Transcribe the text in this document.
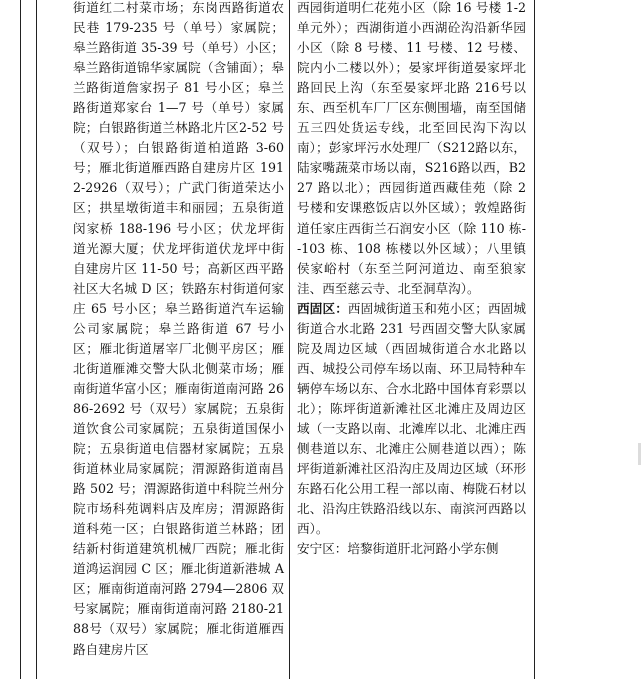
街道红二村菜市场；东岗西路街道农民巷 179-235 号（单号）家属院；皋兰路街道 35-39 号（单号）小区；皋兰路街道锦华家属院（含铺面）；皋兰路街道詹家拐子 81 号小区；皋兰路街道郑家台 1—7 号（单号）家属院；白银路街道兰林路北片区2-52 号（双号）；白银路街道柏道路 3-60 号；雁北街道雁西路自建房片区 1912-2926（双号）；广武门街道荣达小区；拱星墩街道丰和丽园；五泉街道闵家桥 188-196 号小区；伏龙坪街道光源大厦；伏龙坪街道伏龙坪中街自建房片区 11-50 号；高新区西平路社区大名城 D 区；铁路东村街道何家庄 65 号小区；皋兰路街道汽车运输公司家属院；皋兰路街道 67 号小区；雁北街道屠宰厂北侧平房区；雁北街道雁滩交警大队北侧菜市场；雁南街道华富小区；雁南街道南河路 2686-2692 号（双号）家属院；五泉街道饮食公司家属院；五泉街道国保小院；五泉街道电信器材家属院；五泉街道林业局家属院；渭源路街道南昌路 502 号；渭源路街道中科院兰州分院市场科苑调料店及库房；渭源路街道科苑一区；白银路街道兰林路；团结新村街道建筑机械厂西院；雁北街道鸿运润园 C 区；雁北街道新港城 A 区；雁南街道南河路 2794—2806 双号家属院；雁南街道南河路 2180-2188号（双号）家属院；雁北街道雁西路自建房片区

西园街道明仁花苑小区（除 16 号楼 1-2单元外）；西湖街道小西湖砼沟沿新华园小区（除 8 号楼、11 号楼、12 号楼、院内小二楼以外）；晏家坪街道晏家坪北路回民上沟（东至晏家坪北路 216号以东、西至机车厂厂区东侧围墙，南至国储五三四处货运专线，北至回民沟下沟以南）；彭家坪污水处理厂（S212路以东，陆家嘴蔬菜市场以南，S216路以西，B227 路以北）；西园街道西藏佳苑（除 2 号楼和安课憨饭店以外区域）；敦煌路街道任家庄西街兰石润安小区（除 110 栋--103 栋、108 栋楼以外区域）；八里镇侯家峪村（东至兰阿河道边、南至狼家洼、西至慈云寺、北至洞草沟）。

西固区：西固城街道玉和苑小区；西固城街道合水北路 231 号西固交警大队家属院及周边区域（西固城街道合水北路以西、城投公司停车场以南、环卫局特种车辆停车场以东、合水北路中国体育彩票以北）；陈坪街道新滩社区北滩庄及周边区域（一支路以南、北滩库以北、北滩庄西侧巷道以东、北滩庄公厕巷道以西）；陈坪街道新滩社区沿沟庄及周边区域（环形东路石化公用工程一部以南、梅陇石材以北、沿沟庄铁路沿线以东、南滨河西路以西）。

安宁区：培黎街道肝北河路小学东侧
